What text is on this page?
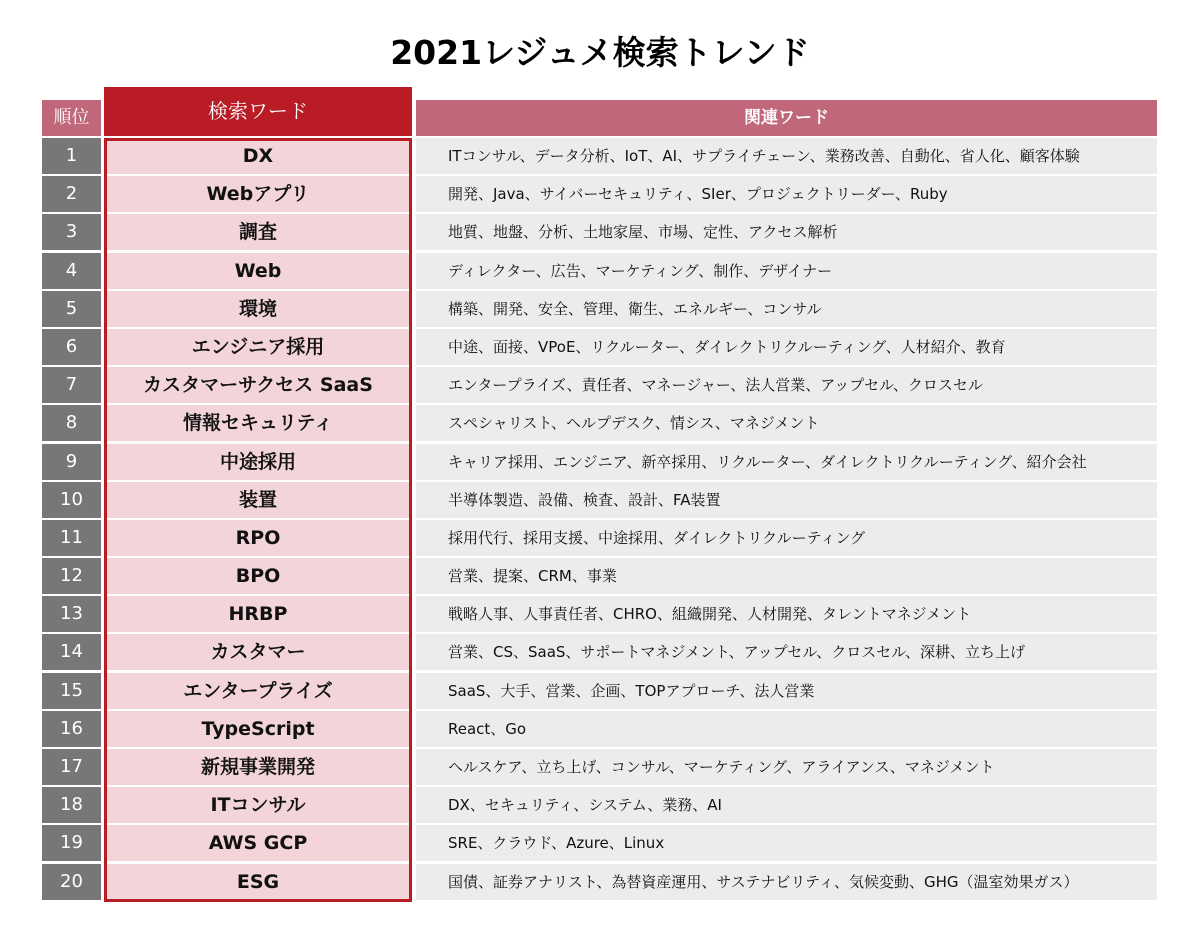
2021レジュメ検索トレンド
順位	検索ワード	関連ワード
1	DX	ITコンサル、データ分析、IoT、AI、サプライチェーン、業務改善、自動化、省人化、顧客体験
2	Webアプリ	開発、Java、サイバーセキュリティ、SIer、プロジェクトリーダー、Ruby
3	調査	地質、地盤、分析、土地家屋、市場、定性、アクセス解析
4	Web	ディレクター、広告、マーケティング、制作、デザイナー
5	環境	構築、開発、安全、管理、衛生、エネルギー、コンサル
6	エンジニア採用	中途、面接、VPoE、リクルーター、ダイレクトリクルーティング、人材紹介、教育
7	カスタマーサクセス SaaS	エンタープライズ、責任者、マネージャー、法人営業、アップセル、クロスセル
8	情報セキュリティ	スペシャリスト、ヘルプデスク、情シス、マネジメント
9	中途採用	キャリア採用、エンジニア、新卒採用、リクルーター、ダイレクトリクルーティング、紹介会社
10	装置	半導体製造、設備、検査、設計、FA装置
11	RPO	採用代行、採用支援、中途採用、ダイレクトリクルーティング
12	BPO	営業、提案、CRM、事業
13	HRBP	戦略人事、人事責任者、CHRO、組織開発、人材開発、タレントマネジメント
14	カスタマー	営業、CS、SaaS、サポートマネジメント、アップセル、クロスセル、深耕、立ち上げ
15	エンタープライズ	SaaS、大手、営業、企画、TOPアプローチ、法人営業
16	TypeScript	React、Go
17	新規事業開発	ヘルスケア、立ち上げ、コンサル、マーケティング、アライアンス、マネジメント
18	ITコンサル	DX、セキュリティ、システム、業務、AI
19	AWS GCP	SRE、クラウド、Azure、Linux
20	ESG	国債、証券アナリスト、為替資産運用、サステナビリティ、気候変動、GHG（温室効果ガス）
